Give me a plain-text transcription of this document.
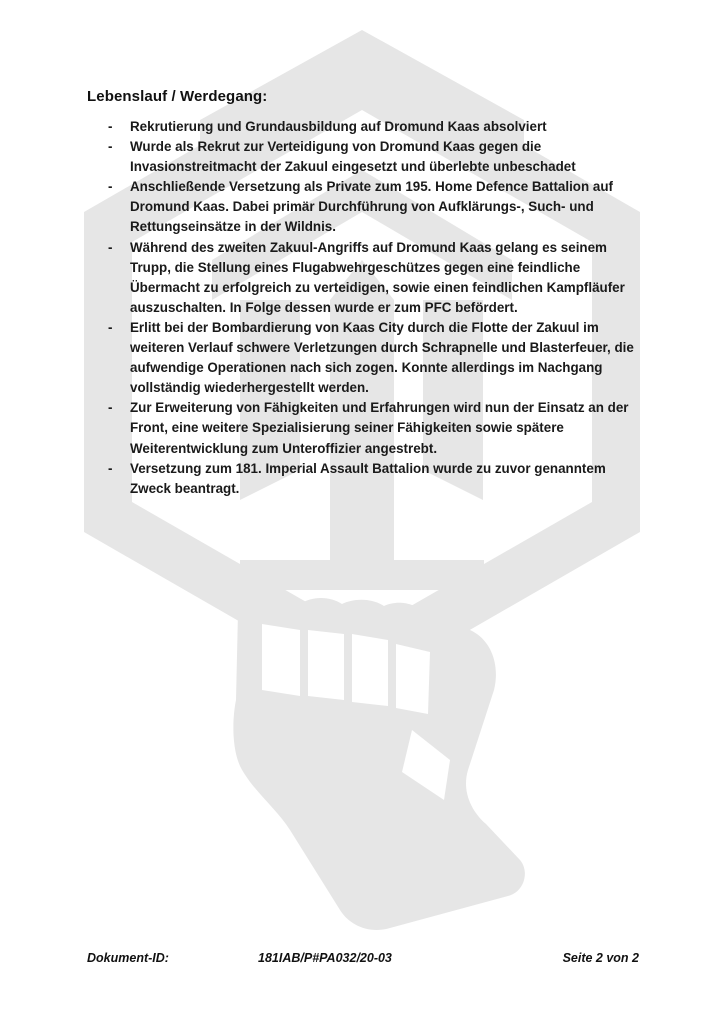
Lebenslauf / Werdegang:
- Rekrutierung und Grundausbildung auf Dromund Kaas absolviert
- Wurde als Rekrut zur Verteidigung von Dromund Kaas gegen die Invasionstreitmacht der Zakuul eingesetzt und überlebte unbeschadet
- Anschließende Versetzung als Private zum 195. Home Defence Battalion auf Dromund Kaas. Dabei primär Durchführung von Aufklärungs-, Such- und Rettungseinsätze in der Wildnis.
- Während des zweiten Zakuul-Angriffs auf Dromund Kaas gelang es seinem Trupp, die Stellung eines Flugabwehrgeschützes gegen eine feindliche Übermacht zu erfolgreich zu verteidigen, sowie einen feindlichen Kampfläufer auszuschalten. In Folge dessen wurde er zum PFC befördert.
- Erlitt bei der Bombardierung von Kaas City durch die Flotte der Zakuul im weiteren Verlauf schwere Verletzungen durch Schrapnelle und Blasterfeuer, die aufwendige Operationen nach sich zogen. Konnte allerdings im Nachgang vollständig wiederhergestellt werden.
- Zur Erweiterung von Fähigkeiten und Erfahrungen wird nun der Einsatz an der Front, eine weitere Spezialisierung seiner Fähigkeiten sowie spätere Weiterentwicklung zum Unteroffizier angestrebt.
- Versetzung zum 181. Imperial Assault Battalion wurde zu zuvor genanntem Zweck beantragt.
Dokument-ID:	181IAB/P#PA032/20-03	Seite 2 von 2
